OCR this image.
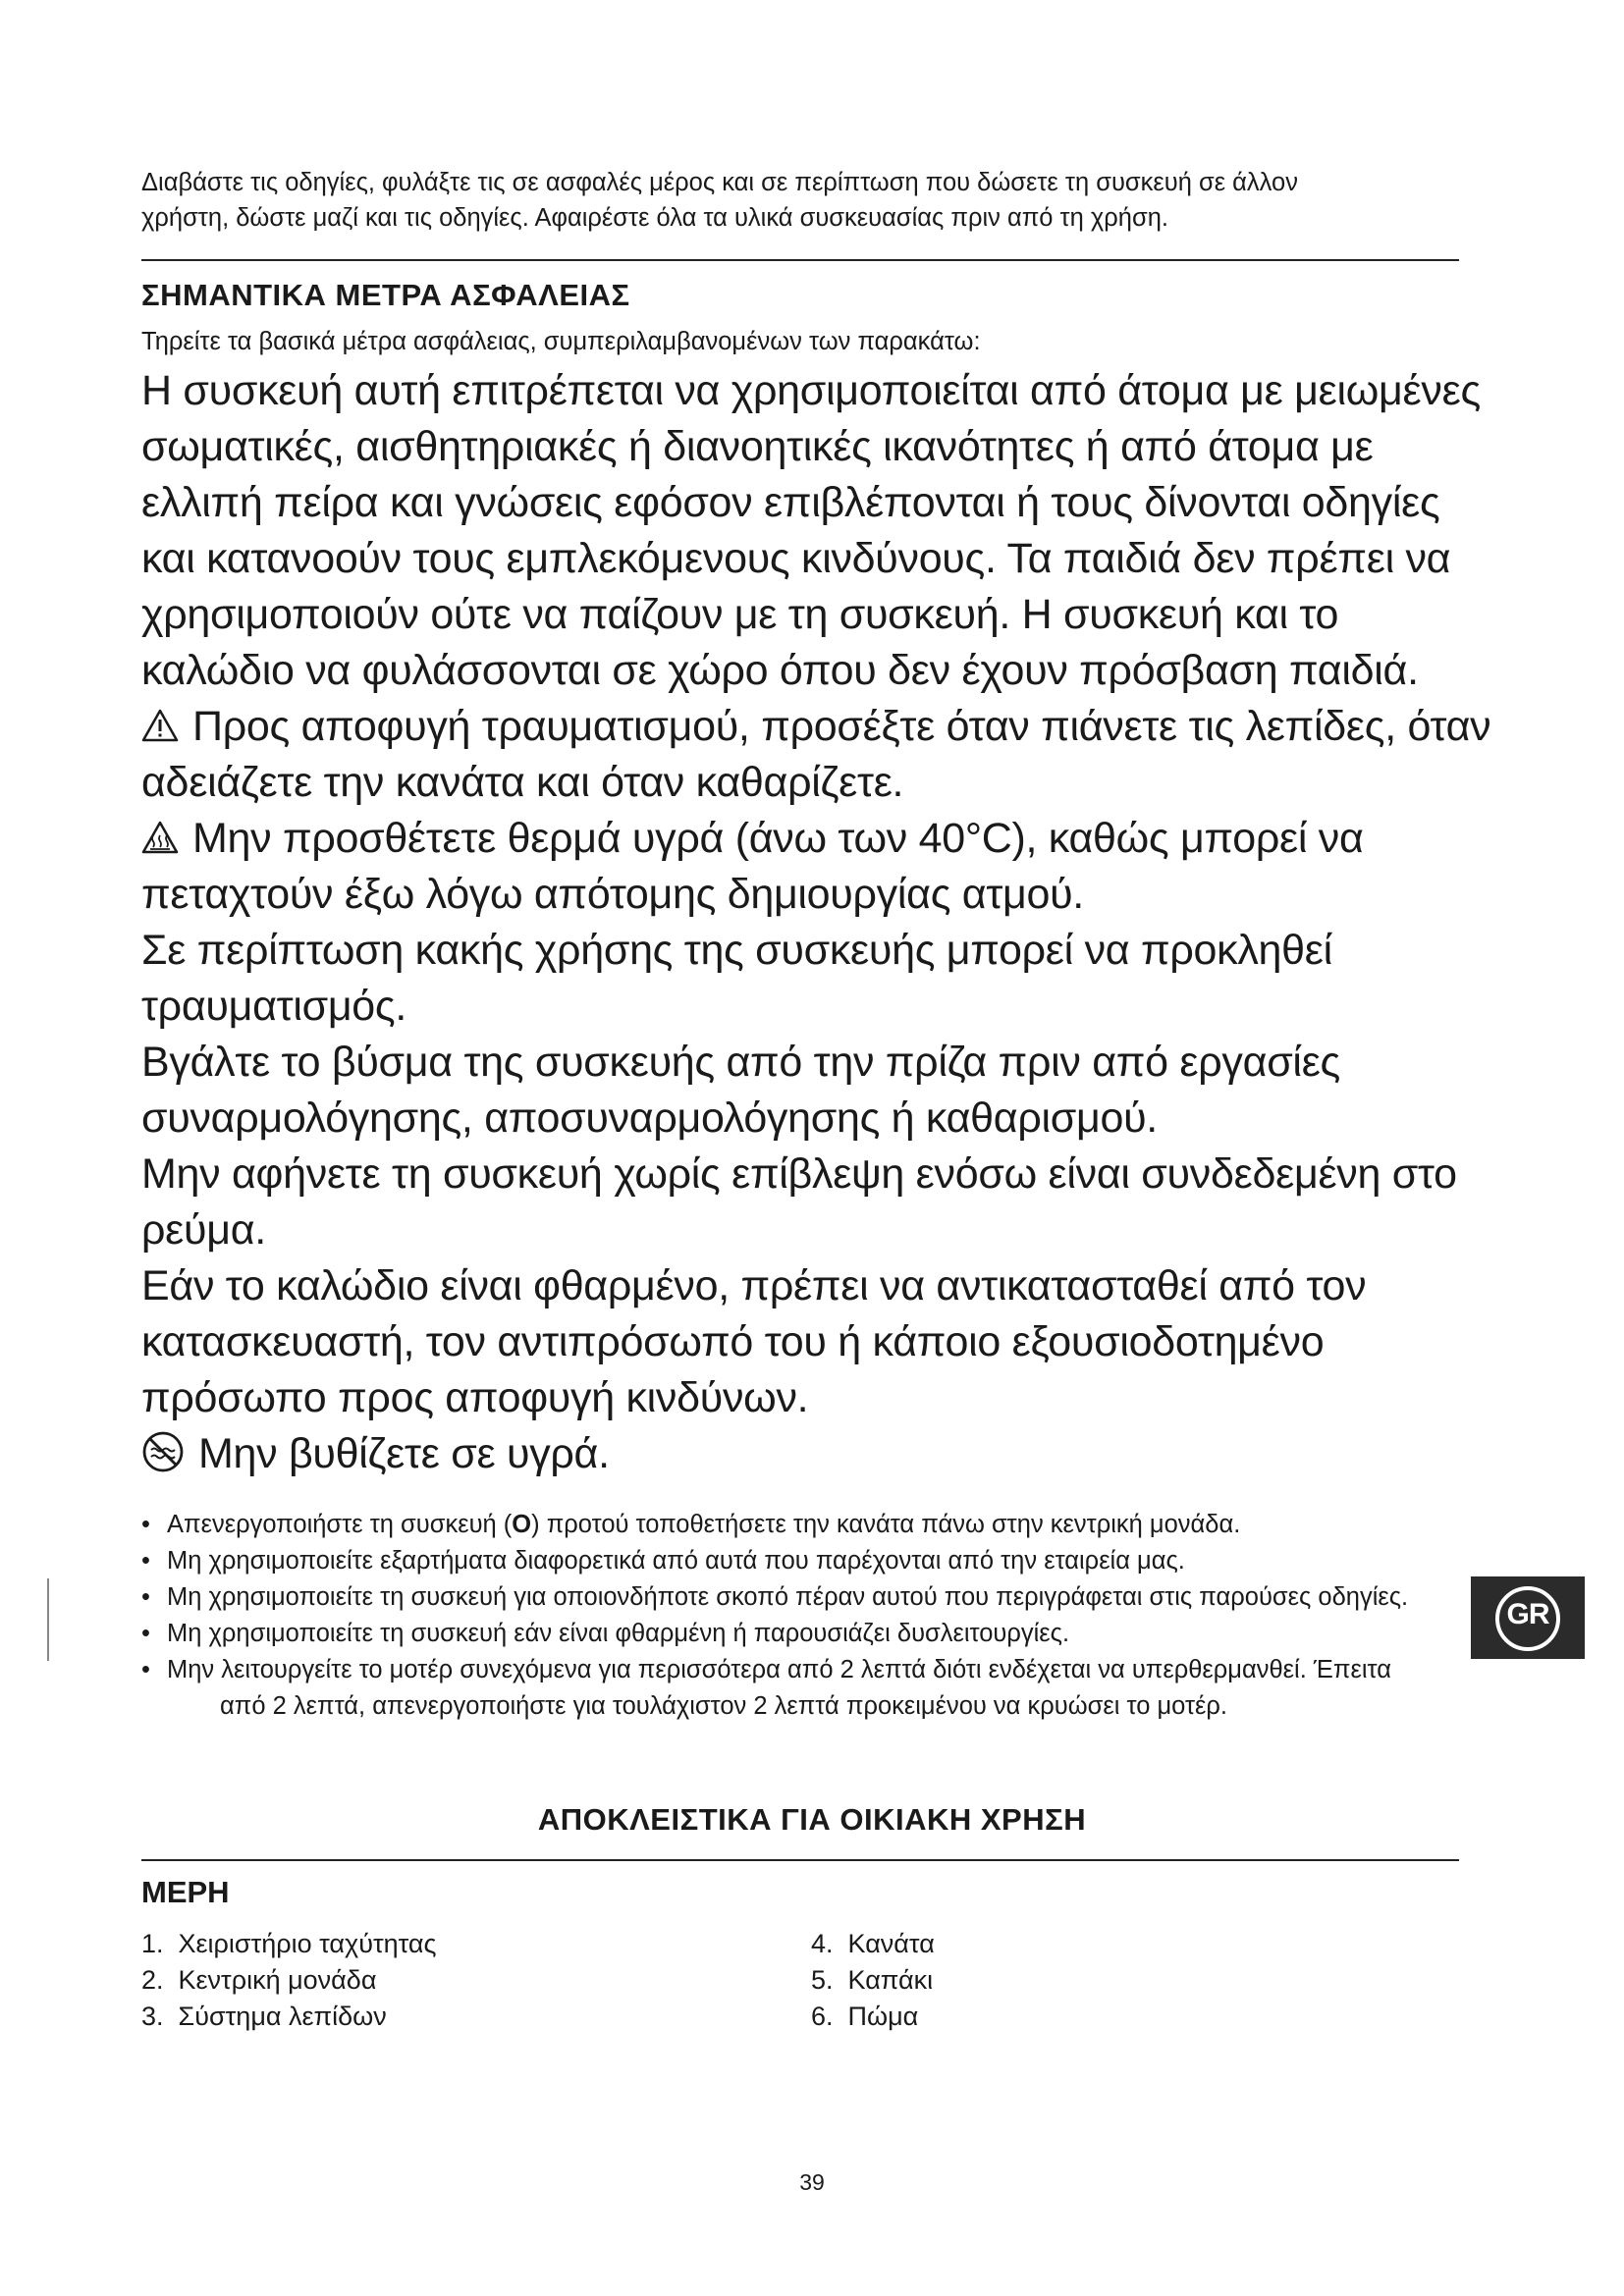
Διαβάστε τις οδηγίες, φυλάξτε τις σε ασφαλές μέρος και σε περίπτωση που δώσετε τη συσκευή σε άλλον
χρήστη, δώστε μαζί και τις οδηγίες. Αφαιρέστε όλα τα υλικά συσκευασίας πριν από τη χρήση.
ΣΗΜΑΝΤΙΚΑ ΜΕΤΡΑ ΑΣΦΑΛΕΙΑΣ
Τηρείτε τα βασικά μέτρα ασφάλειας, συμπεριλαμβανομένων των παρακάτω:

Η συσκευή αυτή επιτρέπεται να χρησιμοποιείται από άτομα με μειωμένες σωματικές, αισθητηριακές ή διανοητικές ικανότητες ή από άτομα με ελλιπή πείρα και γνώσεις εφόσον επιβλέπονται ή τους δίνονται οδηγίες και κατανοούν τους εμπλεκόμενους κινδύνους. Τα παιδιά δεν πρέπει να χρησιμοποιούν ούτε να παίζουν με τη συσκευή. Η συσκευή και το καλώδιο να φυλάσσονται σε χώρο όπου δεν έχουν πρόσβαση παιδιά.

Προς αποφυγή τραυματισμού, προσέξτε όταν πιάνετε τις λεπίδες, όταν αδειάζετε την κανάτα και όταν καθαρίζετε.

Μην προσθέτετε θερμά υγρά (άνω των 40°C), καθώς μπορεί να πεταχτούν έξω λόγω απότομης δημιουργίας ατμού.

Σε περίπτωση κακής χρήσης της συσκευής μπορεί να προκληθεί τραυματισμός.

Βγάλτε το βύσμα της συσκευής από την πρίζα πριν από εργασίες συναρμολόγησης, αποσυναρμολόγησης ή καθαρισμού.

Μην αφήνετε τη συσκευή χωρίς επίβλεψη ενόσω είναι συνδεδεμένη στο ρεύμα.

Εάν το καλώδιο είναι φθαρμένο, πρέπει να αντικατασταθεί από τον κατασκευαστή, τον αντιπρόσωπό του ή κάποιο εξουσιοδοτημένο πρόσωπο προς αποφυγή κινδύνων.

Μην βυθίζετε σε υγρά.

• Απενεργοποιήστε τη συσκευή (O) προτού τοποθετήσετε την κανάτα πάνω στην κεντρική μονάδα.
• Μη χρησιμοποιείτε εξαρτήματα διαφορετικά από αυτά που παρέχονται από την εταιρεία μας.
• Μη χρησιμοποιείτε τη συσκευή για οποιονδήποτε σκοπό πέραν αυτού που περιγράφεται στις παρούσες οδηγίες.
• Μη χρησιμοποιείτε τη συσκευή εάν είναι φθαρμένη ή παρουσιάζει δυσλειτουργίες.
• Μην λειτουργείτε το μοτέρ συνεχόμενα για περισσότερα από 2 λεπτά διότι ενδέχεται να υπερθερμανθεί. Έπειτα από 2 λεπτά, απενεργοποιήστε για τουλάχιστον 2 λεπτά προκειμένου να κρυώσει το μοτέρ.
ΑΠΟΚΛΕΙΣΤΙΚΑ ΓΙΑ ΟΙΚΙΑΚΗ ΧΡΗΣΗ
ΜΕΡΗ
1. Χειριστήριο ταχύτητας
2. Κεντρική μονάδα
3. Σύστημα λεπίδων
4. Κανάτα
5. Καπάκι
6. Πώμα
GR
39
